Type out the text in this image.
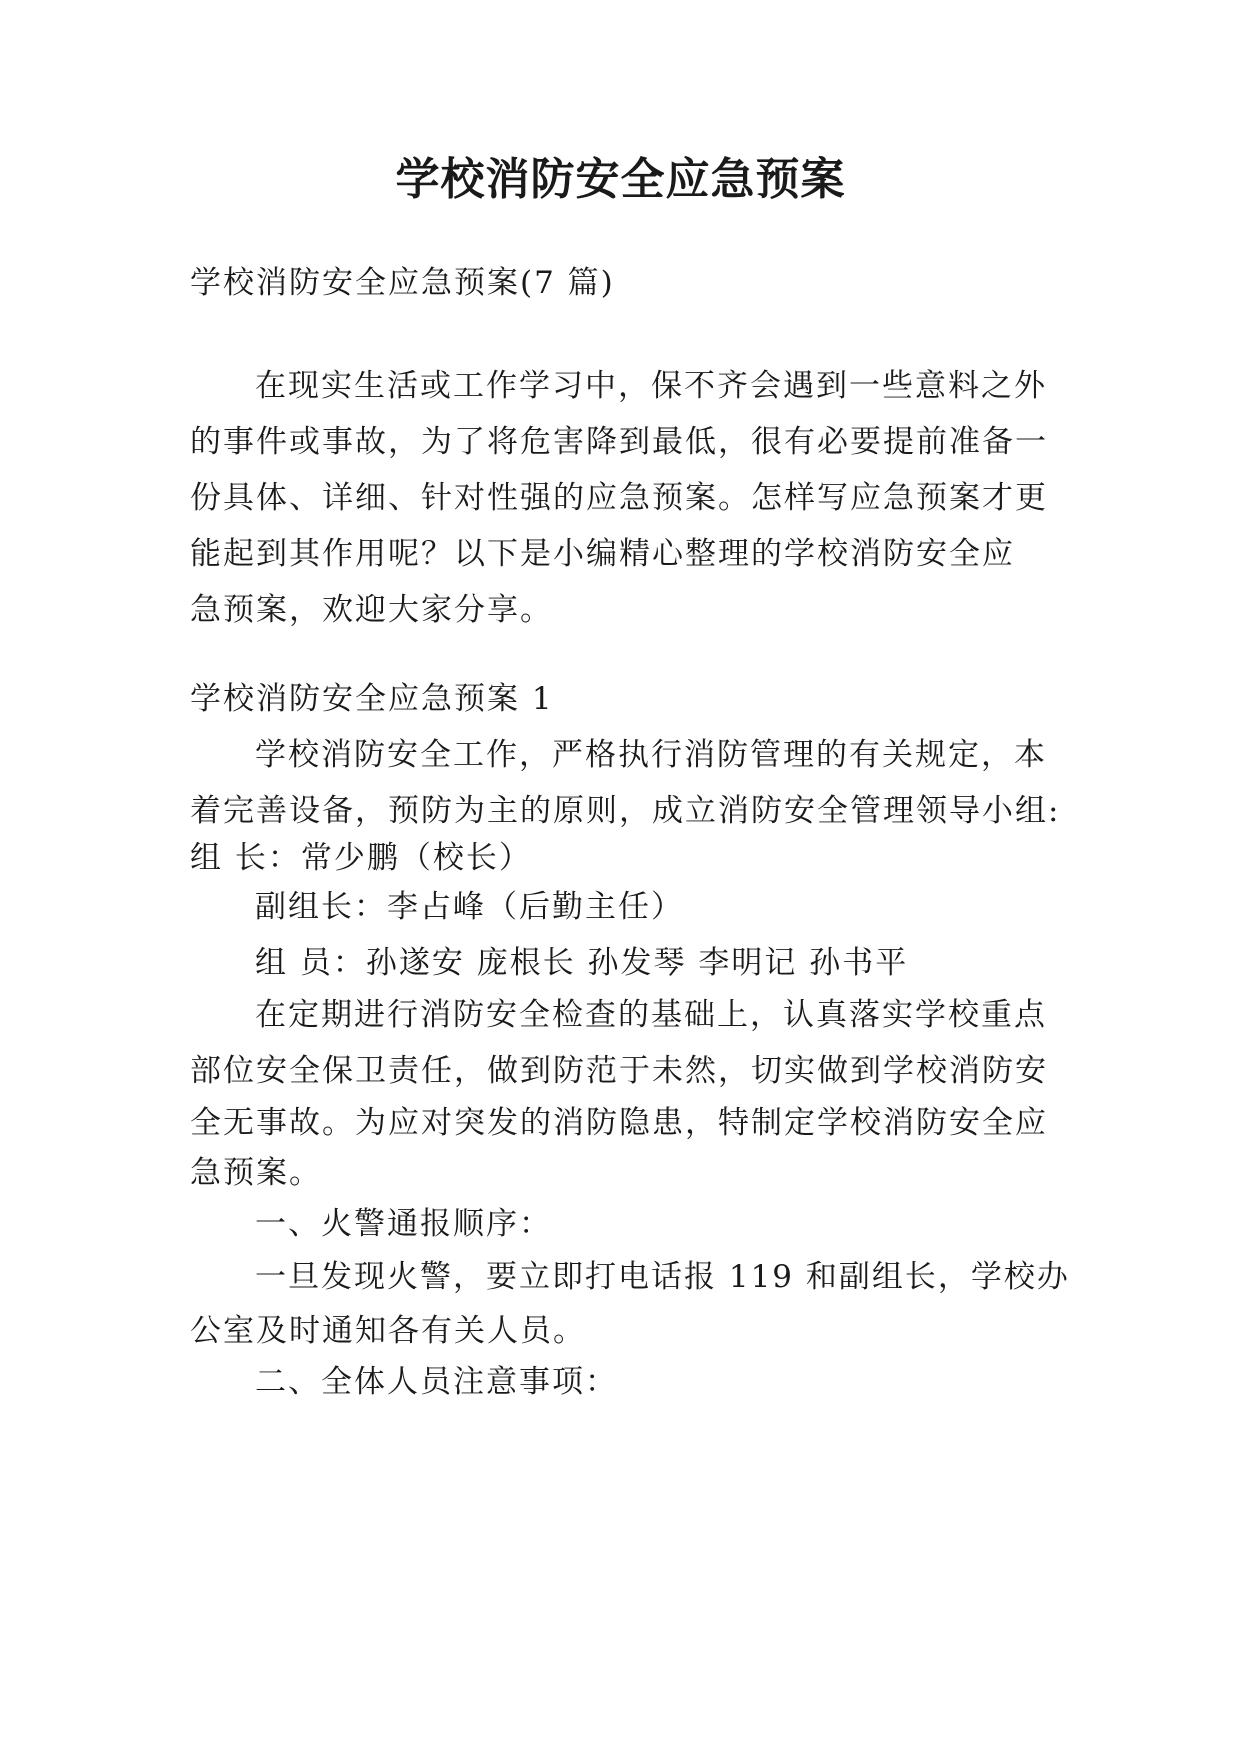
学校消防安全应急预案
学校消防安全应急预案(7 篇)
在现实生活或工作学习中，保不齐会遇到一些意料之外
的事件或事故，为了将危害降到最低，很有必要提前准备一
份具体、详细、针对性强的应急预案。怎样写应急预案才更
能起到其作用呢？以下是小编精心整理的学校消防安全应
急预案，欢迎大家分享。
学校消防安全应急预案 1
学校消防安全工作，严格执行消防管理的有关规定，本
着完善设备，预防为主的原则，成立消防安全管理领导小组:
组 长：常少鹏（校长）
副组长：李占峰（后勤主任）
组 员：孙遂安 庞根长 孙发琴 李明记 孙书平
在定期进行消防安全检查的基础上，认真落实学校重点
部位安全保卫责任，做到防范于未然，切实做到学校消防安
全无事故。为应对突发的消防隐患，特制定学校消防安全应
急预案。
一、火警通报顺序：
一旦发现火警，要立即打电话报 119 和副组长，学校办
公室及时通知各有关人员。
二、全体人员注意事项：
